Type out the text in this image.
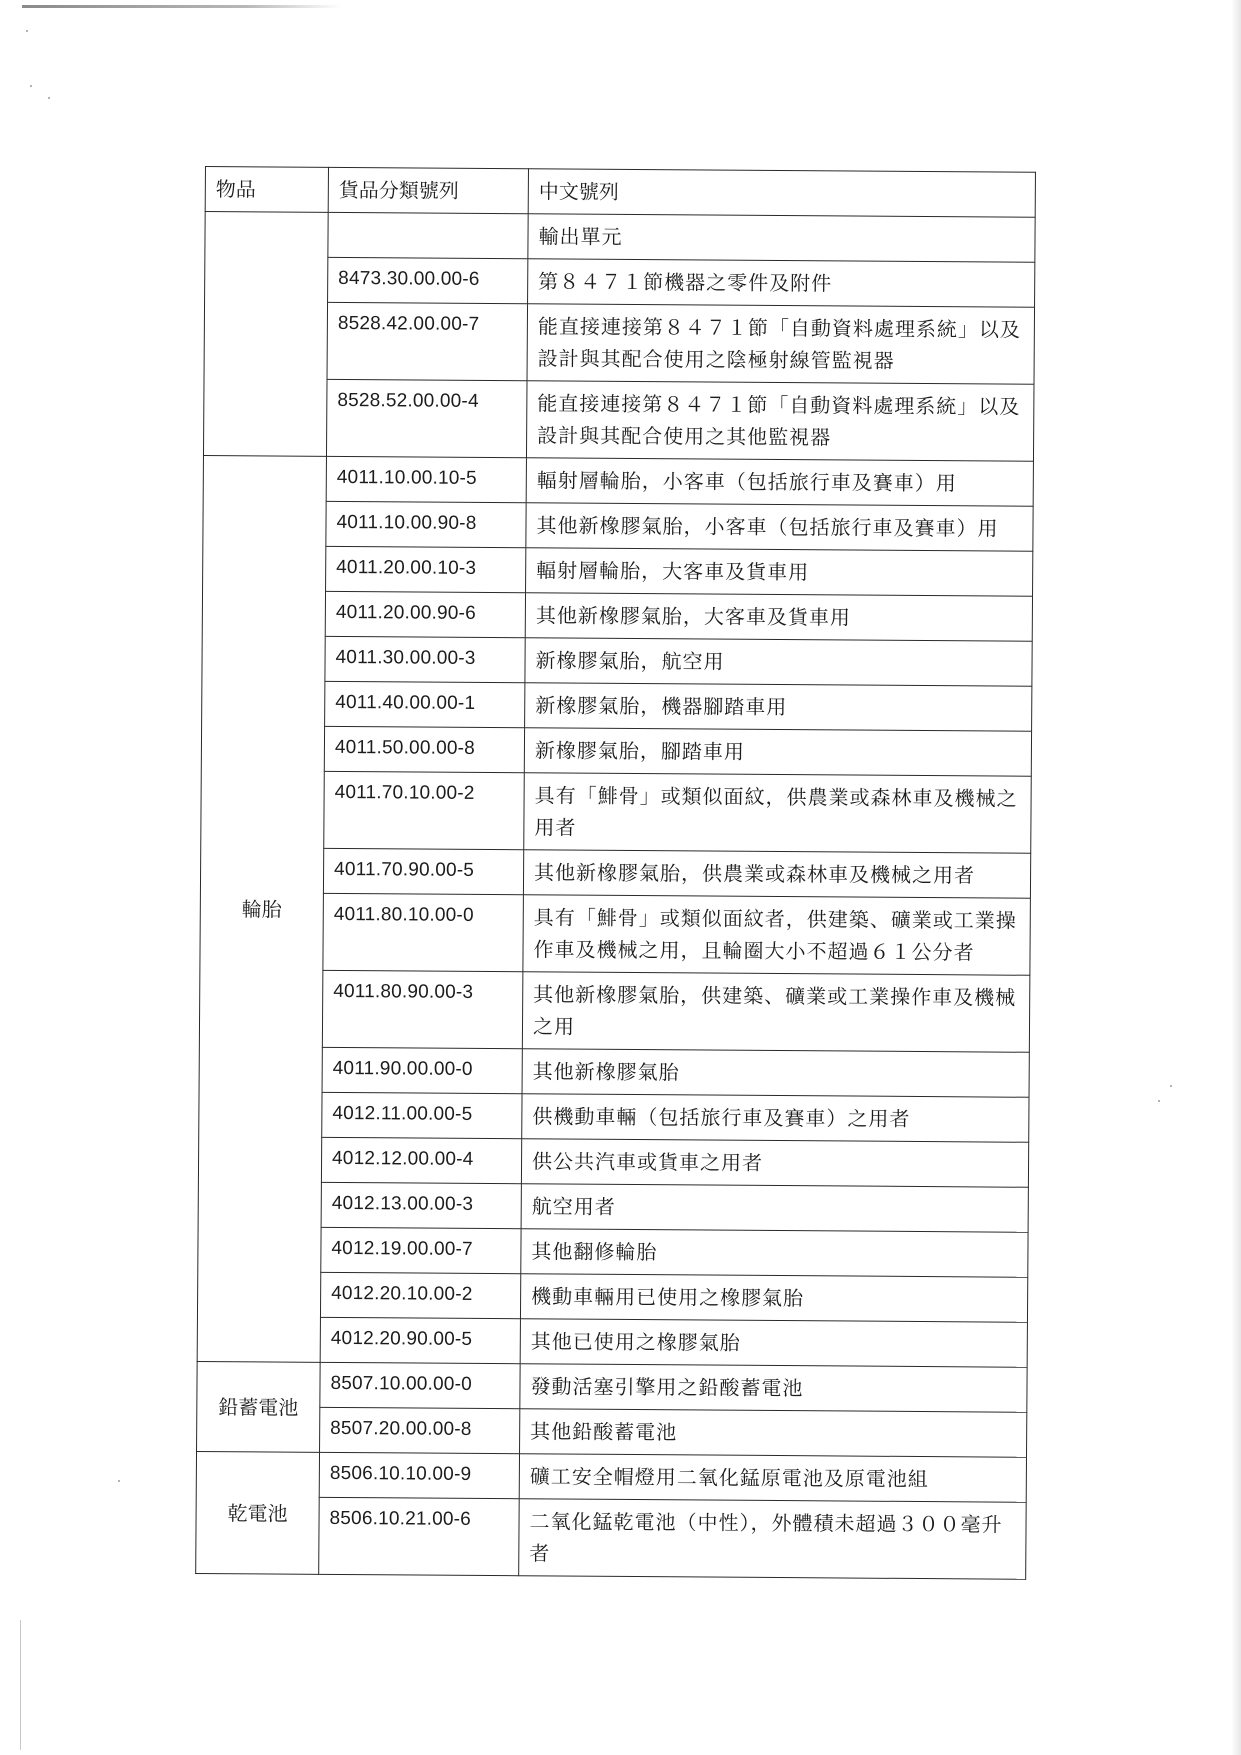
物品	貨品分類號列	中文號列
		輸出單元
	8473.30.00.00-6	第８４７１節機器之零件及附件
	8528.42.00.00-7	能直接連接第８４７１節「自動資料處理系統」以及設計與其配合使用之陰極射線管監視器
	8528.52.00.00-4	能直接連接第８４７１節「自動資料處理系統」以及設計與其配合使用之其他監視器
輪胎	4011.10.00.10-5	輻射層輪胎，小客車（包括旅行車及賽車）用
	4011.10.00.90-8	其他新橡膠氣胎，小客車（包括旅行車及賽車）用
	4011.20.00.10-3	輻射層輪胎，大客車及貨車用
	4011.20.00.90-6	其他新橡膠氣胎，大客車及貨車用
	4011.30.00.00-3	新橡膠氣胎，航空用
	4011.40.00.00-1	新橡膠氣胎，機器腳踏車用
	4011.50.00.00-8	新橡膠氣胎，腳踏車用
	4011.70.10.00-2	具有「鯡骨」或類似面紋，供農業或森林車及機械之用者
	4011.70.90.00-5	其他新橡膠氣胎，供農業或森林車及機械之用者
	4011.80.10.00-0	具有「鯡骨」或類似面紋者，供建築、礦業或工業操作車及機械之用，且輪圈大小不超過６１公分者
	4011.80.90.00-3	其他新橡膠氣胎，供建築、礦業或工業操作車及機械之用
	4011.90.00.00-0	其他新橡膠氣胎
	4012.11.00.00-5	供機動車輛（包括旅行車及賽車）之用者
	4012.12.00.00-4	供公共汽車或貨車之用者
	4012.13.00.00-3	航空用者
	4012.19.00.00-7	其他翻修輪胎
	4012.20.10.00-2	機動車輛用已使用之橡膠氣胎
	4012.20.90.00-5	其他已使用之橡膠氣胎
鉛蓄電池	8507.10.00.00-0	發動活塞引擎用之鉛酸蓄電池
	8507.20.00.00-8	其他鉛酸蓄電池
乾電池	8506.10.10.00-9	礦工安全帽燈用二氧化錳原電池及原電池組
	8506.10.21.00-6	二氧化錳乾電池（中性），外體積未超過３００毫升者
